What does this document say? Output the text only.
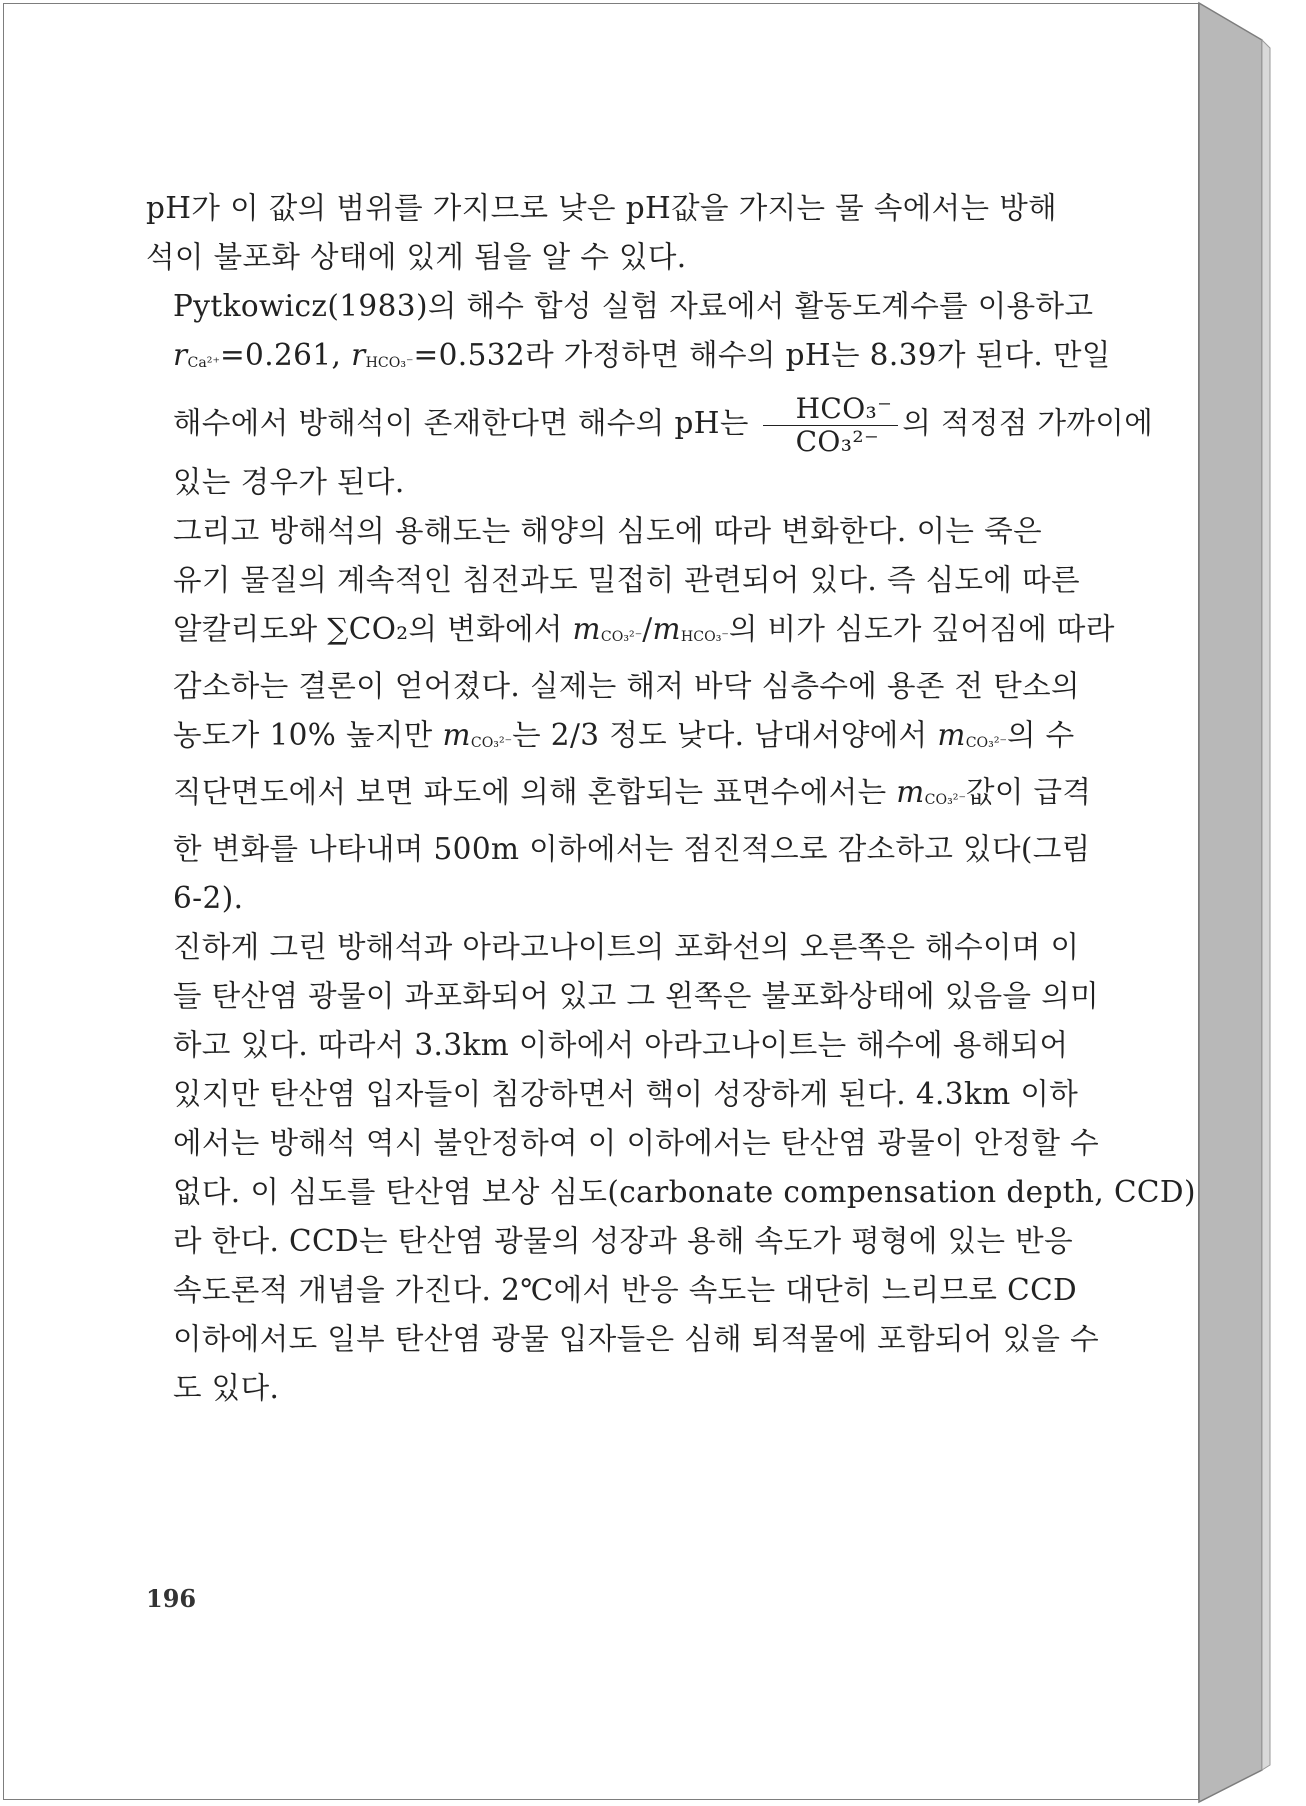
pH가 이 값의 범위를 가지므로 낮은 pH값을 가지는 물 속에서는 방해
석이 불포화 상태에 있게 됨을 알 수 있다.

Pytkowicz(1983)의 해수 합성 실험 자료에서 활동도계수를 이용하고
rCa²⁺=0.261, rHCO₃⁻=0.532라 가정하면 해수의 pH는 8.39가 된다. 만일
해수에서 방해석이 존재한다면 해수의 pH는 $\frac{\text{HCO₃⁻}}{\text{CO₃²⁻}}$ 의 적정점 가까이에
있는 경우가 된다.

그리고 방해석의 용해도는 해양의 심도에 따라 변화한다. 이는 죽은
유기 물질의 계속적인 침전과도 밀접히 관련되어 있다. 즉 심도에 따른
알칼리도와 ∑CO₂의 변화에서 mCO₃²⁻/mHCO₃⁻의 비가 심도가 깊어짐에 따라
감소하는 결론이 얻어졌다. 실제는 해저 바닥 심층수에 용존 전 탄소의
농도가 10% 높지만 mCO₃²⁻는 2/3 정도 낮다. 남대서양에서 mCO₃²⁻의 수
직단면도에서 보면 파도에 의해 혼합되는 표면수에서는 mCO₃²⁻값이 급격
한 변화를 나타내며 500m 이하에서는 점진적으로 감소하고 있다(그림
6-2).

진하게 그린 방해석과 아라고나이트의 포화선의 오른쪽은 해수이며 이
들 탄산염 광물이 과포화되어 있고 그 왼쪽은 불포화상태에 있음을 의미
하고 있다. 따라서 3.3km 이하에서 아라고나이트는 해수에 용해되어
있지만 탄산염 입자들이 침강하면서 핵이 성장하게 된다. 4.3km 이하
에서는 방해석 역시 불안정하여 이 이하에서는 탄산염 광물이 안정할 수
없다. 이 심도를 탄산염 보상 심도(carbonate compensation depth, CCD)
라 한다. CCD는 탄산염 광물의 성장과 용해 속도가 평형에 있는 반응
속도론적 개념을 가진다. 2℃에서 반응 속도는 대단히 느리므로 CCD
이하에서도 일부 탄산염 광물 입자들은 심해 퇴적물에 포함되어 있을 수
도 있다.

196
